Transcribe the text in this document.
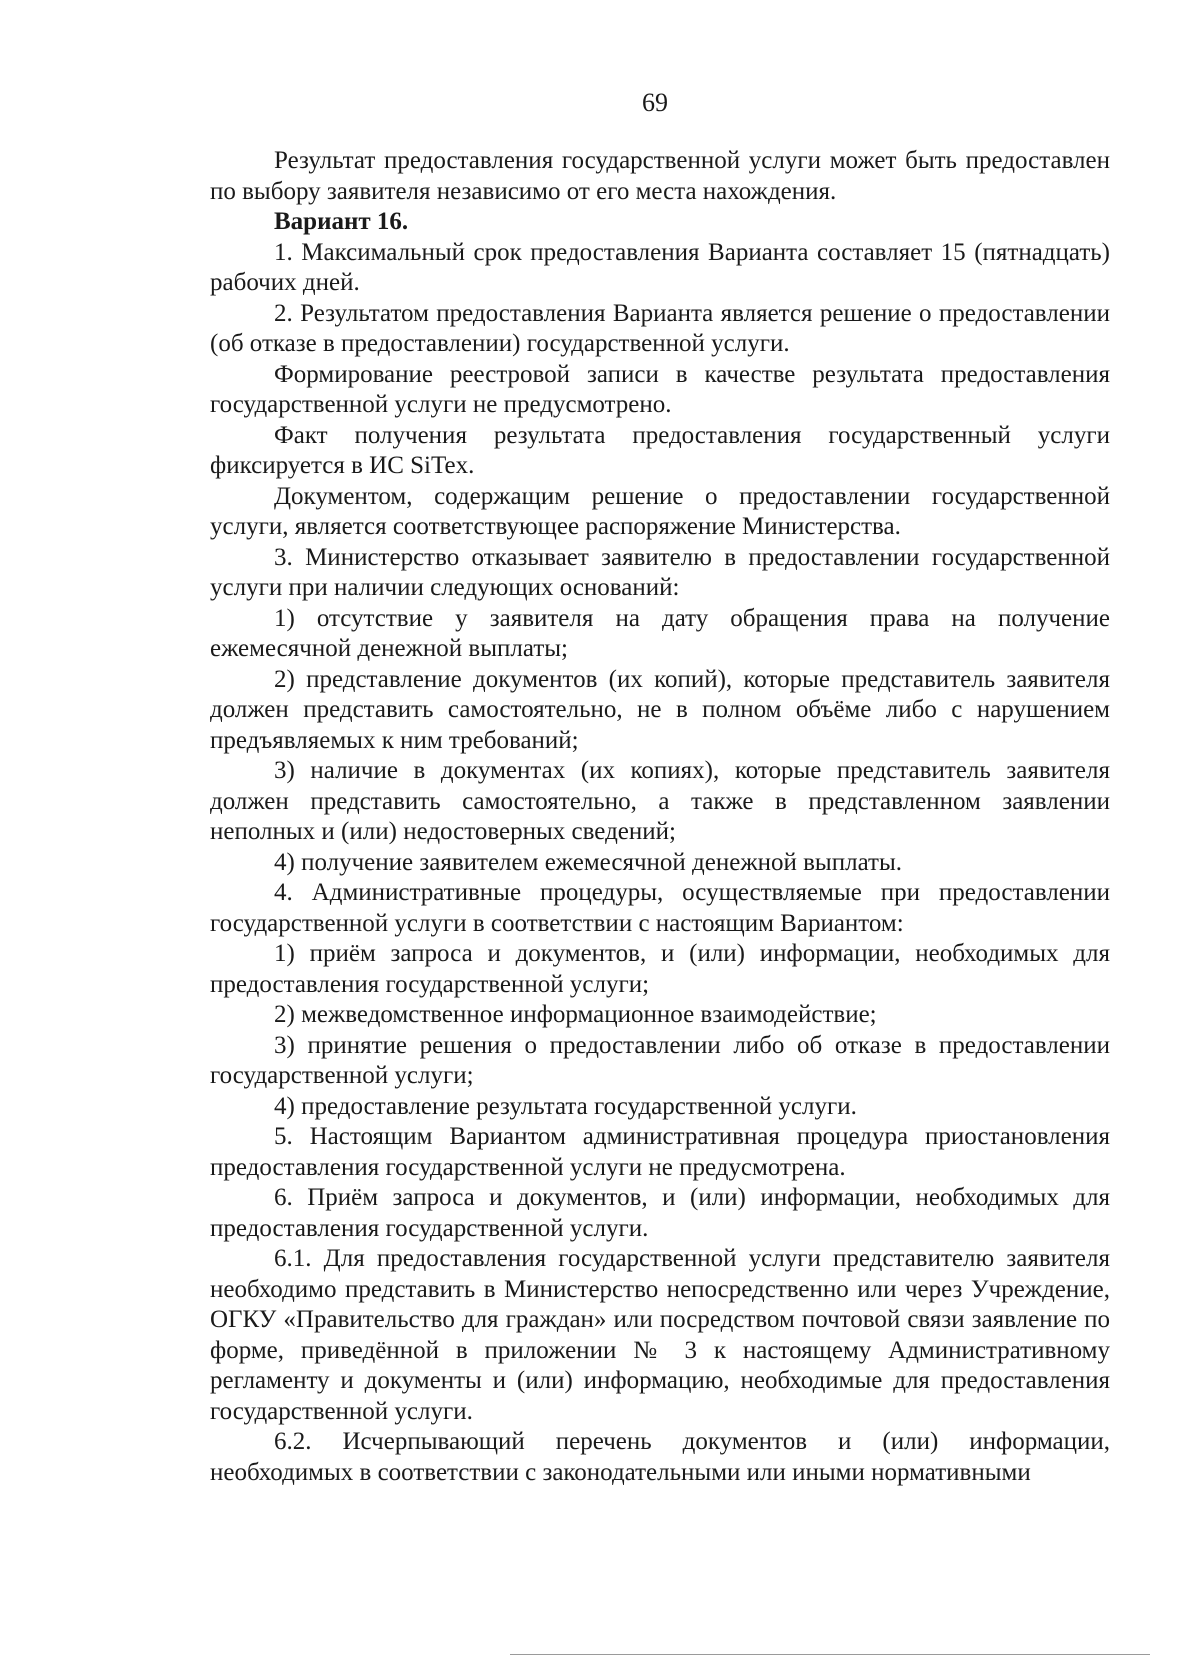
69

Результат предоставления государственной услуги может быть предоставлен по выбору заявителя независимо от его места нахождения.

Вариант 16.

1. Максимальный срок предоставления Варианта составляет 15 (пятнадцать) рабочих дней.

2. Результатом предоставления Варианта является решение о предоставлении (об отказе в предоставлении) государственной услуги.

Формирование реестровой записи в качестве результата предоставления государственной услуги не предусмотрено.

Факт получения результата предоставления государственный услуги фиксируется в ИС SiTex.

Документом, содержащим решение о предоставлении государственной услуги, является соответствующее распоряжение Министерства.

3. Министерство отказывает заявителю в предоставлении государственной услуги при наличии следующих оснований:

1) отсутствие у заявителя на дату обращения права на получение ежемесячной денежной выплаты;

2) представление документов (их копий), которые представитель заявителя должен представить самостоятельно, не в полном объёме либо с нарушением предъявляемых к ним требований;

3) наличие в документах (их копиях), которые представитель заявителя должен представить самостоятельно, а также в представленном заявлении неполных и (или) недостоверных сведений;

4) получение заявителем ежемесячной денежной выплаты.

4. Административные процедуры, осуществляемые при предоставлении государственной услуги в соответствии с настоящим Вариантом:

1) приём запроса и документов, и (или) информации, необходимых для предоставления государственной услуги;

2) межведомственное информационное взаимодействие;

3) принятие решения о предоставлении либо об отказе в предоставлении государственной услуги;

4) предоставление результата государственной услуги.

5. Настоящим Вариантом административная процедура приостановления предоставления государственной услуги не предусмотрена.

6. Приём запроса и документов, и (или) информации, необходимых для предоставления государственной услуги.

6.1. Для предоставления государственной услуги представителю заявителя необходимо представить в Министерство непосредственно или через Учреждение, ОГКУ «Правительство для граждан» или посредством почтовой связи заявление по форме, приведённой в приложении № 3 к настоящему Административному регламенту и документы и (или) информацию, необходимые для предоставления государственной услуги.

6.2. Исчерпывающий перечень документов и (или) информации, необходимых в соответствии с законодательными или иными нормативными
